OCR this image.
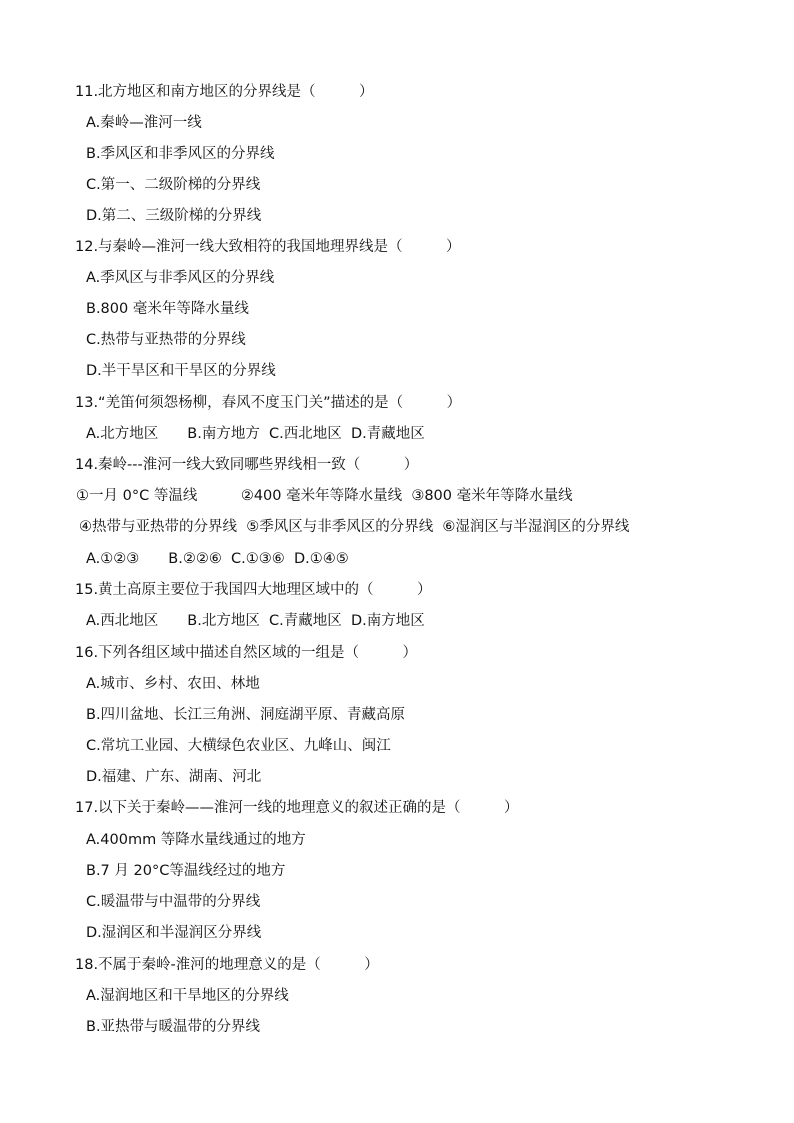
11.北方地区和南方地区的分界线是（　　　）
A.秦岭—淮河一线
B.季风区和非季风区的分界线
C.第一、二级阶梯的分界线
D.第二、三级阶梯的分界线
12.与秦岭—淮河一线大致相符的我国地理界线是（　　　）
A.季风区与非季风区的分界线
B.800 毫米年等降水量线
C.热带与亚热带的分界线
D.半干旱区和干旱区的分界线
13.“羌笛何须怨杨柳，春风不度玉门关”描述的是（　　　）
A.北方地区　　B.南方地方  C.西北地区  D.青藏地区
14.秦岭---淮河一线大致同哪些界线相一致（　　　）
①一月 0°C 等温线　　　②400 毫米年等降水量线  ③800 毫米年等降水量线
④热带与亚热带的分界线  ⑤季风区与非季风区的分界线  ⑥湿润区与半湿润区的分界线
A.①②③　　B.②②⑥  C.①③⑥  D.①④⑤
15.黄土高原主要位于我国四大地理区域中的（　　　）
A.西北地区　　B.北方地区  C.青藏地区  D.南方地区
16.下列各组区域中描述自然区域的一组是（　　　）
A.城市、乡村、农田、林地
B.四川盆地、长江三角洲、洞庭湖平原、青藏高原
C.常坑工业园、大横绿色农业区、九峰山、闽江
D.福建、广东、湖南、河北
17.以下关于秦岭——淮河一线的地理意义的叙述正确的是（　　　）
A.400mm 等降水量线通过的地方
B.7 月 20°C等温线经过的地方
C.暖温带与中温带的分界线
D.湿润区和半湿润区分界线
18.不属于秦岭-淮河的地理意义的是（　　　）
A.湿润地区和干旱地区的分界线
B.亚热带与暖温带的分界线
